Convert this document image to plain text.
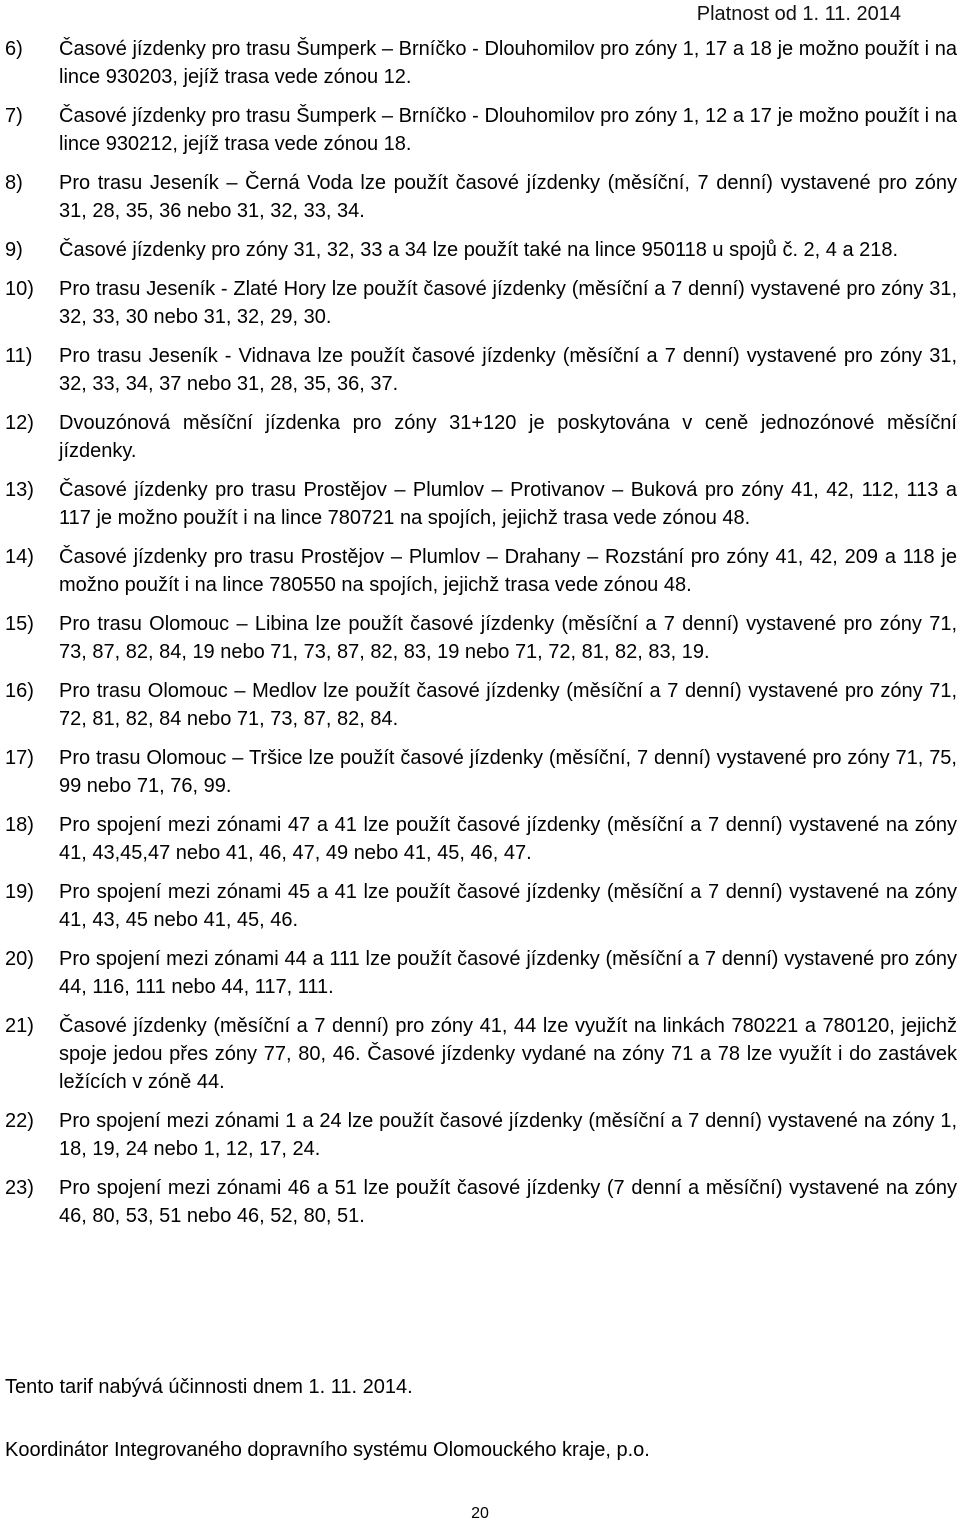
Platnost od 1. 11. 2014
6)	Časové jízdenky pro trasu Šumperk – Brníčko - Dlouhomilov pro zóny 1, 17 a 18 je možno použít i na lince 930203, jejíž trasa vede zónou 12.
7)	Časové jízdenky pro trasu Šumperk – Brníčko - Dlouhomilov pro zóny 1, 12 a 17 je možno použít i na lince 930212, jejíž trasa vede zónou 18.
8)	Pro trasu Jeseník – Černá Voda lze použít časové jízdenky (měsíční, 7 denní) vystavené pro zóny 31, 28, 35, 36 nebo 31, 32, 33, 34.
9)	Časové jízdenky pro zóny 31, 32, 33 a 34 lze použít také na lince 950118 u spojů č. 2, 4 a 218.
10)	Pro trasu Jeseník - Zlaté Hory lze použít časové jízdenky (měsíční a 7 denní) vystavené pro zóny 31, 32, 33, 30 nebo 31, 32, 29, 30.
11)	Pro trasu Jeseník - Vidnava lze použít časové jízdenky (měsíční a 7 denní) vystavené pro zóny 31, 32, 33, 34, 37 nebo 31, 28, 35, 36, 37.
12)	Dvouzónová měsíční jízdenka pro zóny 31+120 je poskytována v ceně jednozónové měsíční jízdenky.
13)	Časové jízdenky pro trasu Prostějov – Plumlov – Protivanov – Buková pro zóny 41, 42, 112, 113 a 117 je možno použít i na lince 780721 na spojích, jejichž trasa vede zónou 48.
14)	Časové jízdenky pro trasu Prostějov – Plumlov – Drahany – Rozstání pro zóny 41, 42, 209 a 118 je možno použít i na lince 780550 na spojích, jejichž trasa vede zónou 48.
15)	Pro trasu Olomouc – Libina lze použít časové jízdenky (měsíční a 7 denní) vystavené pro zóny 71, 73, 87, 82, 84, 19 nebo 71, 73, 87, 82, 83, 19 nebo 71, 72, 81, 82, 83, 19.
16)	Pro trasu Olomouc – Medlov lze použít časové jízdenky (měsíční a 7 denní) vystavené pro zóny 71, 72, 81, 82, 84 nebo 71, 73, 87, 82, 84.
17)	Pro trasu Olomouc – Tršice lze použít časové jízdenky (měsíční, 7 denní) vystavené pro zóny 71, 75, 99 nebo 71, 76, 99.
18)	Pro spojení mezi zónami 47 a 41 lze použít časové jízdenky (měsíční a 7 denní) vystavené na zóny 41, 43,45,47 nebo 41, 46, 47, 49 nebo 41, 45, 46, 47.
19)	Pro spojení mezi zónami 45 a 41 lze použít časové jízdenky (měsíční a 7 denní) vystavené na zóny 41, 43, 45 nebo 41, 45, 46.
20)	Pro spojení mezi zónami 44 a 111 lze použít časové jízdenky (měsíční a 7 denní) vystavené pro zóny 44, 116, 111 nebo 44, 117, 111.
21)	Časové jízdenky (měsíční a 7 denní) pro zóny 41, 44 lze využít na linkách 780221 a 780120, jejichž spoje jedou přes zóny 77, 80, 46. Časové jízdenky vydané na zóny 71 a 78 lze využít i do zastávek ležících v zóně 44.
22)	Pro spojení mezi zónami 1 a 24 lze použít časové jízdenky (měsíční a 7 denní) vystavené na zóny 1, 18, 19, 24 nebo 1, 12, 17, 24.
23)	Pro spojení mezi zónami 46 a 51 lze použít časové jízdenky (7 denní a měsíční) vystavené na zóny 46, 80, 53, 51 nebo 46, 52, 80, 51.
Tento tarif nabývá účinnosti dnem 1. 11. 2014.
Koordinátor Integrovaného dopravního systému Olomouckého kraje, p.o.
20
